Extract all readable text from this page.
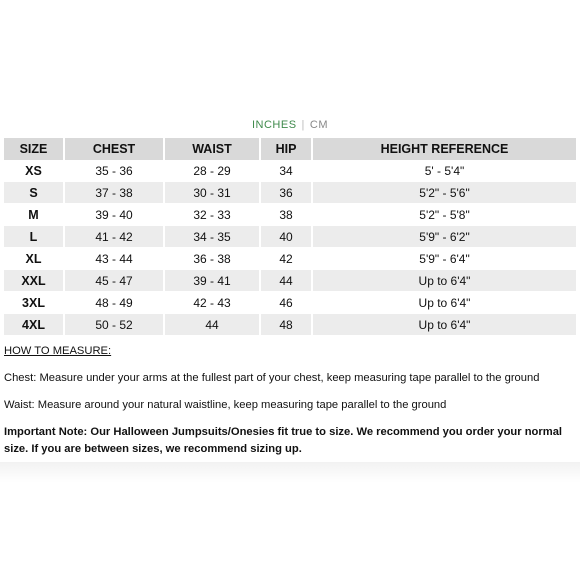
INCHES | CM
SIZE	CHEST	WAIST	HIP	HEIGHT REFERENCE
XS	35 - 36	28 - 29	34	5' - 5'4"
S	37 - 38	30 - 31	36	5'2" - 5'6"
M	39 - 40	32 - 33	38	5'2" - 5'8"
L	41 - 42	34 - 35	40	5'9" - 6'2"
XL	43 - 44	36 - 38	42	5'9" - 6'4"
XXL	45 - 47	39 - 41	44	Up to 6'4"
3XL	48 - 49	42 - 43	46	Up to 6'4"
4XL	50 - 52	44	48	Up to 6'4"
HOW TO MEASURE:
Chest: Measure under your arms at the fullest part of your chest, keep measuring tape parallel to the ground
Waist: Measure around your natural waistline, keep measuring tape parallel to the ground
Important Note: Our Halloween Jumpsuits/Onesies fit true to size. We recommend you order your normal size. If you are between sizes, we recommend sizing up.
